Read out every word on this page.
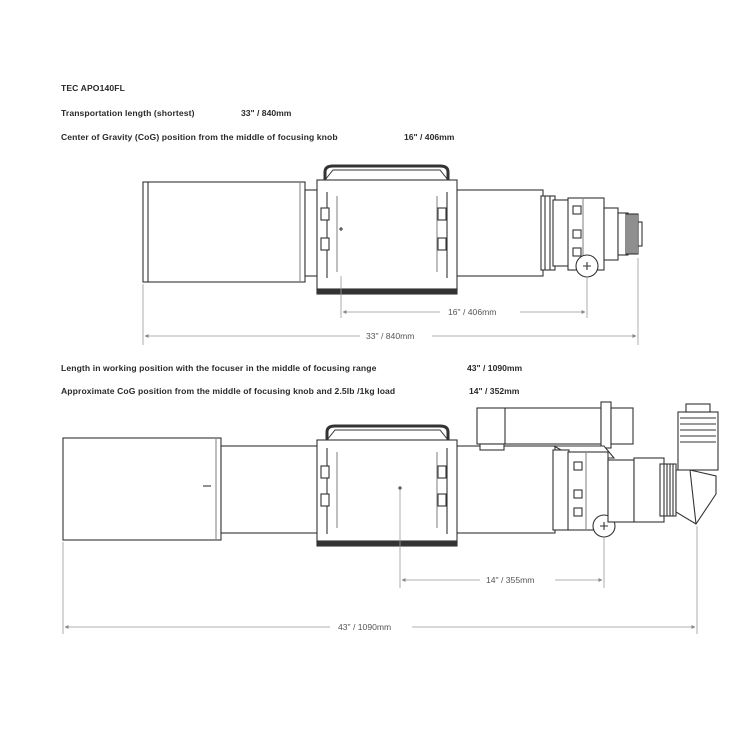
TEC APO140FL
Transportation length (shortest)	33" / 840mm
Center of Gravity (CoG) position from the middle of focusing knob	16" / 406mm
Length in working position with the focuser in the middle of focusing range	43" / 1090mm
Approximate CoG position from the middle of focusing knob and 2.5lb /1kg load	14" / 352mm
16" / 406mm
33" / 840mm
14" / 355mm
43" / 1090mm
